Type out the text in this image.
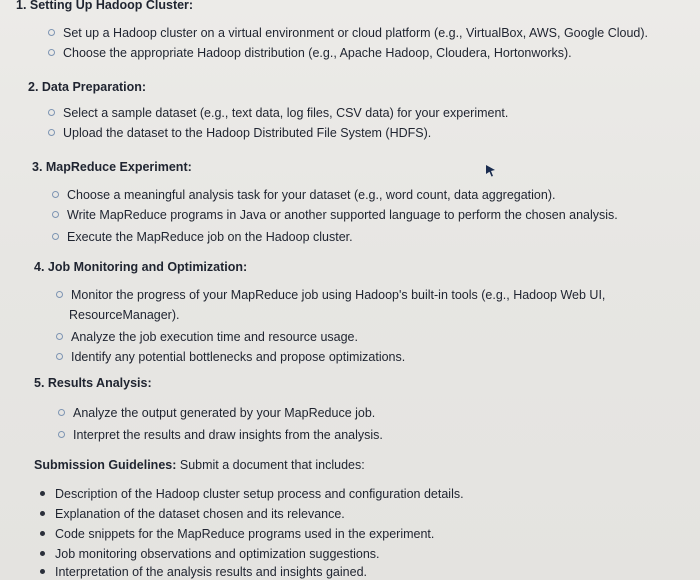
1. Setting Up Hadoop Cluster:
Set up a Hadoop cluster on a virtual environment or cloud platform (e.g., VirtualBox, AWS, Google Cloud).
Choose the appropriate Hadoop distribution (e.g., Apache Hadoop, Cloudera, Hortonworks).
2. Data Preparation:
Select a sample dataset (e.g., text data, log files, CSV data) for your experiment.
Upload the dataset to the Hadoop Distributed File System (HDFS).
3. MapReduce Experiment:
Choose a meaningful analysis task for your dataset (e.g., word count, data aggregation).
Write MapReduce programs in Java or another supported language to perform the chosen analysis.
Execute the MapReduce job on the Hadoop cluster.
4. Job Monitoring and Optimization:
Monitor the progress of your MapReduce job using Hadoop's built-in tools (e.g., Hadoop Web UI,
ResourceManager).
Analyze the job execution time and resource usage.
Identify any potential bottlenecks and propose optimizations.
5. Results Analysis:
Analyze the output generated by your MapReduce job.
Interpret the results and draw insights from the analysis.
Submission Guidelines: Submit a document that includes:
Description of the Hadoop cluster setup process and configuration details.
Explanation of the dataset chosen and its relevance.
Code snippets for the MapReduce programs used in the experiment.
Job monitoring observations and optimization suggestions.
Interpretation of the analysis results and insights gained.
